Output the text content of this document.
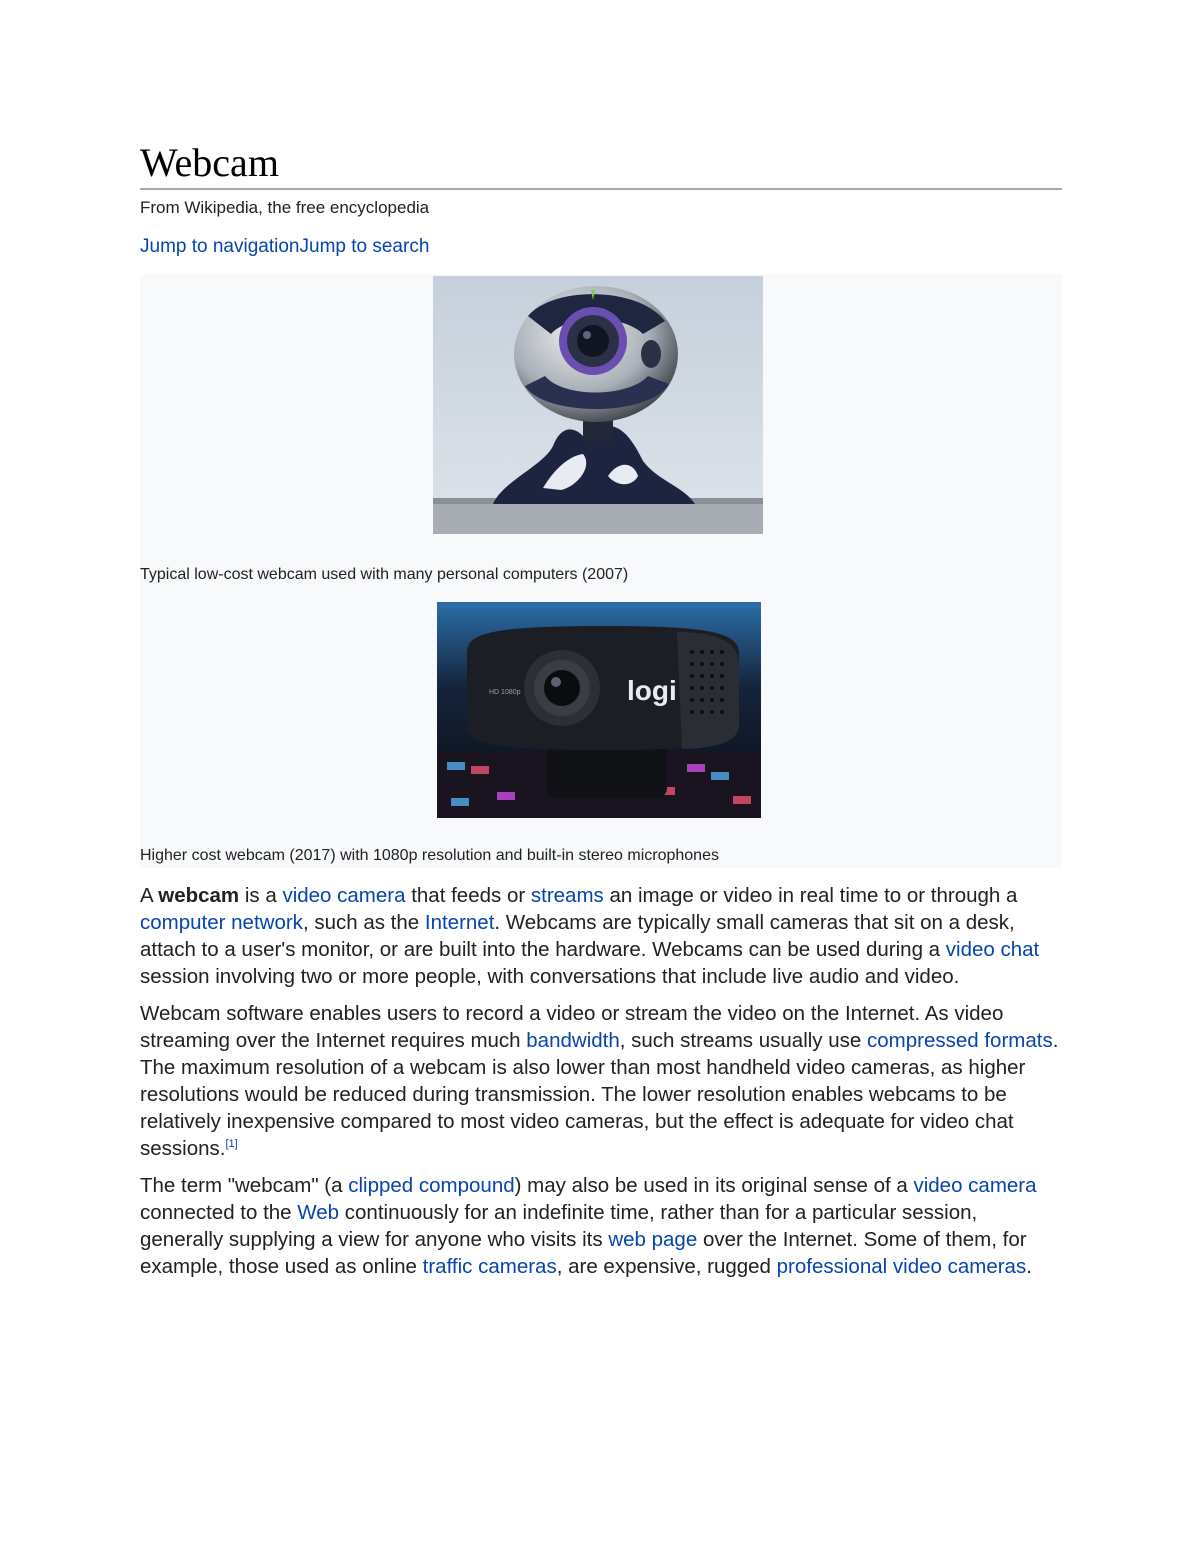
Webcam
From Wikipedia, the free encyclopedia
Jump to navigationJump to search
Typical low-cost webcam used with many personal computers (2007)
logi
HD 1080p
Higher cost webcam (2017) with 1080p resolution and built-in stereo microphones

A webcam is a video camera that feeds or streams an image or video in real time to or through a computer network, such as the Internet. Webcams are typically small cameras that sit on a desk, attach to a user's monitor, or are built into the hardware. Webcams can be used during a video chat session involving two or more people, with conversations that include live audio and video.

Webcam software enables users to record a video or stream the video on the Internet. As video streaming over the Internet requires much bandwidth, such streams usually use compressed formats. The maximum resolution of a webcam is also lower than most handheld video cameras, as higher resolutions would be reduced during transmission. The lower resolution enables webcams to be relatively inexpensive compared to most video cameras, but the effect is adequate for video chat sessions.[1]

The term "webcam" (a clipped compound) may also be used in its original sense of a video camera connected to the Web continuously for an indefinite time, rather than for a particular session, generally supplying a view for anyone who visits its web page over the Internet. Some of them, for example, those used as online traffic cameras, are expensive, rugged professional video cameras.
